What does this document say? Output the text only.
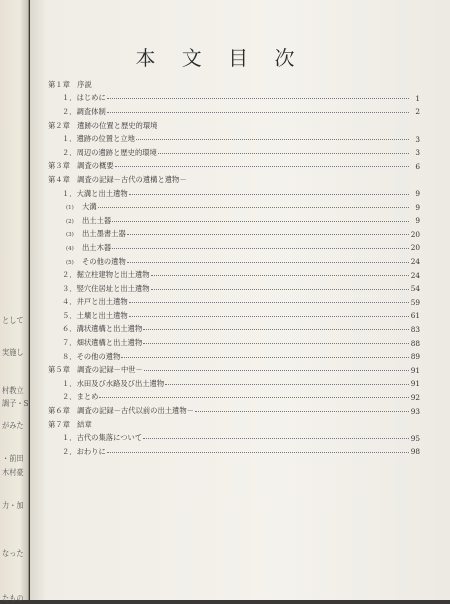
として
実施し
村教立
調子・S
がみた
・前田
木村豪
力・加
なった
たもの
本 文 目 次
第１章　序説
１．はじめに	1
２．調査体制	2
第２章　遺跡の位置と歴史的環境
１．遺跡の位置と立地	3
２．周辺の遺跡と歴史的環境	3
第３章　調査の概要	6
第４章　調査の記録－古代の遺構と遺物－
１．大溝と出土遺物	9
(1) 大溝	9
(2) 出土土器	9
(3) 出土墨書土器	20
(4) 出土木器	20
(5) その他の遺物	24
２．掘立柱建物と出土遺物	24
３．竪穴住居址と出土遺物	54
４．井戸と出土遺物	59
５．土壙と出土遺物	61
６．溝状遺構と出土遺物	83
７．畑状遺構と出土遺物	88
８．その他の遺物	89
第５章　調査の記録－中世－	91
１．水田及び水路及び出土遺物	91
２．まとめ	92
第６章　調査の記録－古代以前の出土遺物－	93
第７章　結章
１．古代の集落について	95
２．おわりに	98
